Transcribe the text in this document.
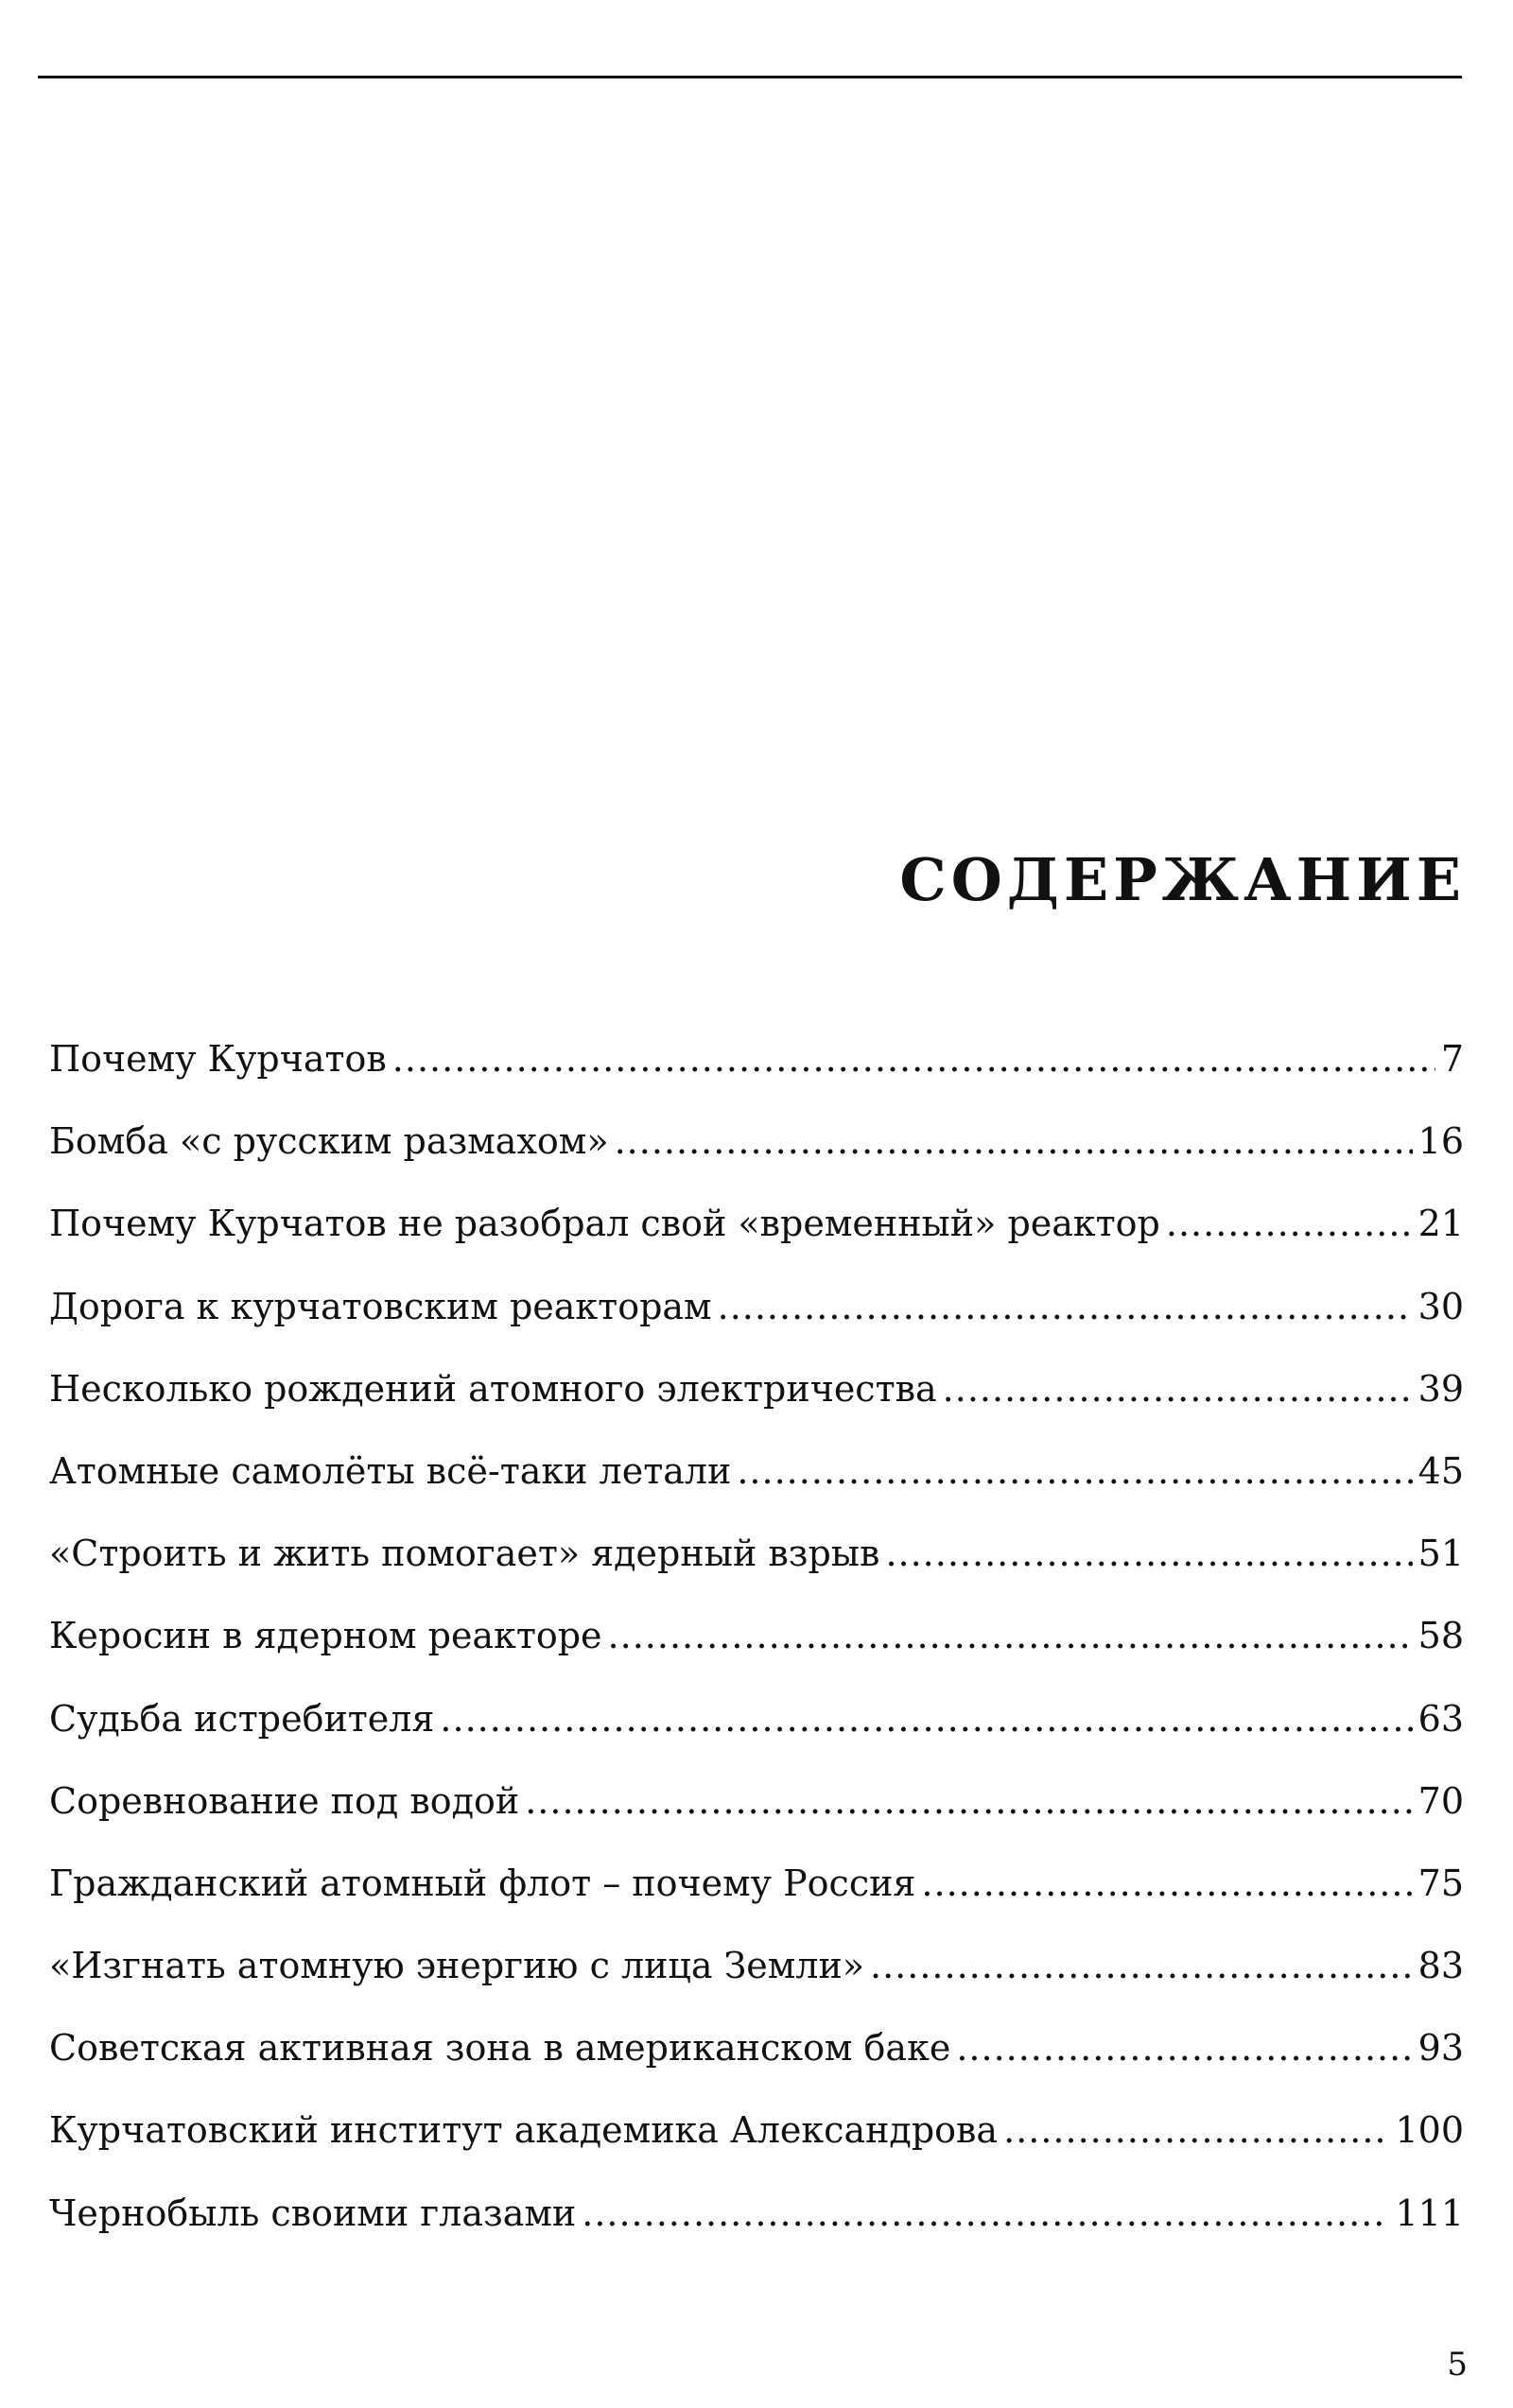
СОДЕРЖАНИЕ
Почему Курчатов .....	7
Бомба «с русским размахом» .....	16
Почему Курчатов не разобрал свой «временный» реактор .....	21
Дорога к курчатовским реакторам .....	30
Несколько рождений атомного электричества .....	39
Атомные самолёты всё-таки летали .....	45
«Строить и жить помогает» ядерный взрыв .....	51
Керосин в ядерном реакторе .....	58
Судьба истребителя .....	63
Соревнование под водой .....	70
Гражданский атомный флот – почему Россия .....	75
«Изгнать атомную энергию с лица Земли» .....	83
Советская активная зона в американском баке .....	93
Курчатовский институт академика Александрова .....	100
Чернобыль своими глазами .....	111
5
